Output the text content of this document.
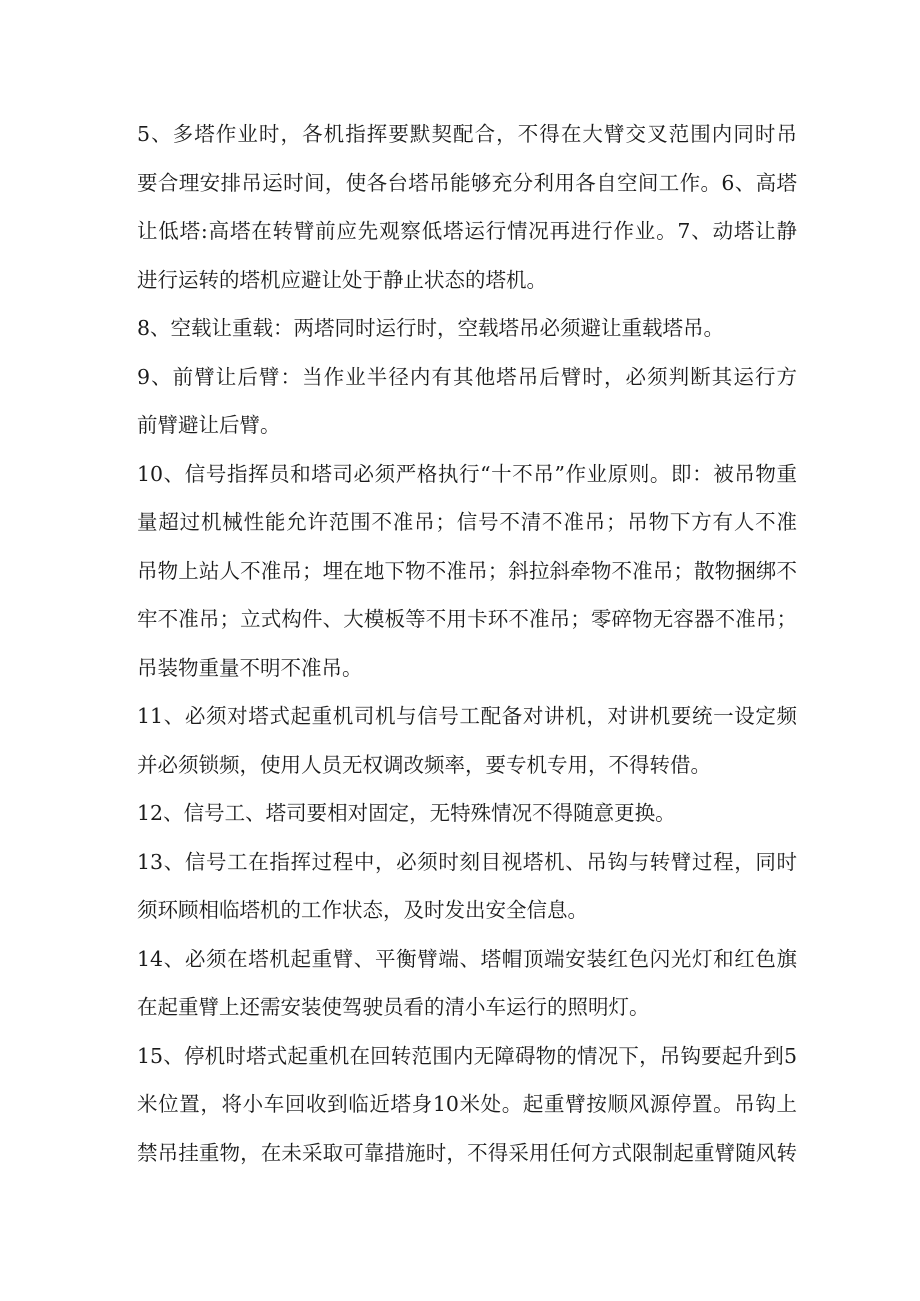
5、多塔作业时，各机指挥要默契配合，不得在大臂交叉范围内同时吊
要合理安排吊运时间，使各台塔吊能够充分利用各自空间工作。6、高塔
让低塔:高塔在转臂前应先观察低塔运行情况再进行作业。7、动塔让静
进行运转的塔机应避让处于静止状态的塔机。
8、空载让重载：两塔同时运行时，空载塔吊必须避让重载塔吊。
9、前臂让后臂：当作业半径内有其他塔吊后臂时，必须判断其运行方
前臂避让后臂。
10、信号指挥员和塔司必须严格执行“十不吊”作业原则。即：被吊物重
量超过机械性能允许范围不准吊；信号不清不准吊；吊物下方有人不准
吊物上站人不准吊；埋在地下物不准吊；斜拉斜牵物不准吊；散物捆绑不
牢不准吊；立式构件、大模板等不用卡环不准吊；零碎物无容器不准吊；
吊装物重量不明不准吊。
11、必须对塔式起重机司机与信号工配备对讲机，对讲机要统一设定频
并必须锁频，使用人员无权调改频率，要专机专用，不得转借。
12、信号工、塔司要相对固定，无特殊情况不得随意更换。
13、信号工在指挥过程中，必须时刻目视塔机、吊钩与转臂过程，同时
须环顾相临塔机的工作状态，及时发出安全信息。
14、必须在塔机起重臂、平衡臂端、塔帽顶端安装红色闪光灯和红色旗
在起重臂上还需安装使驾驶员看的清小车运行的照明灯。
15、停机时塔式起重机在回转范围内无障碍物的情况下，吊钩要起升到5
米位置，将小车回收到临近塔身10米处。起重臂按顺风源停置。吊钩上
禁吊挂重物，在未采取可靠措施时，不得采用任何方式限制起重臂随风转
